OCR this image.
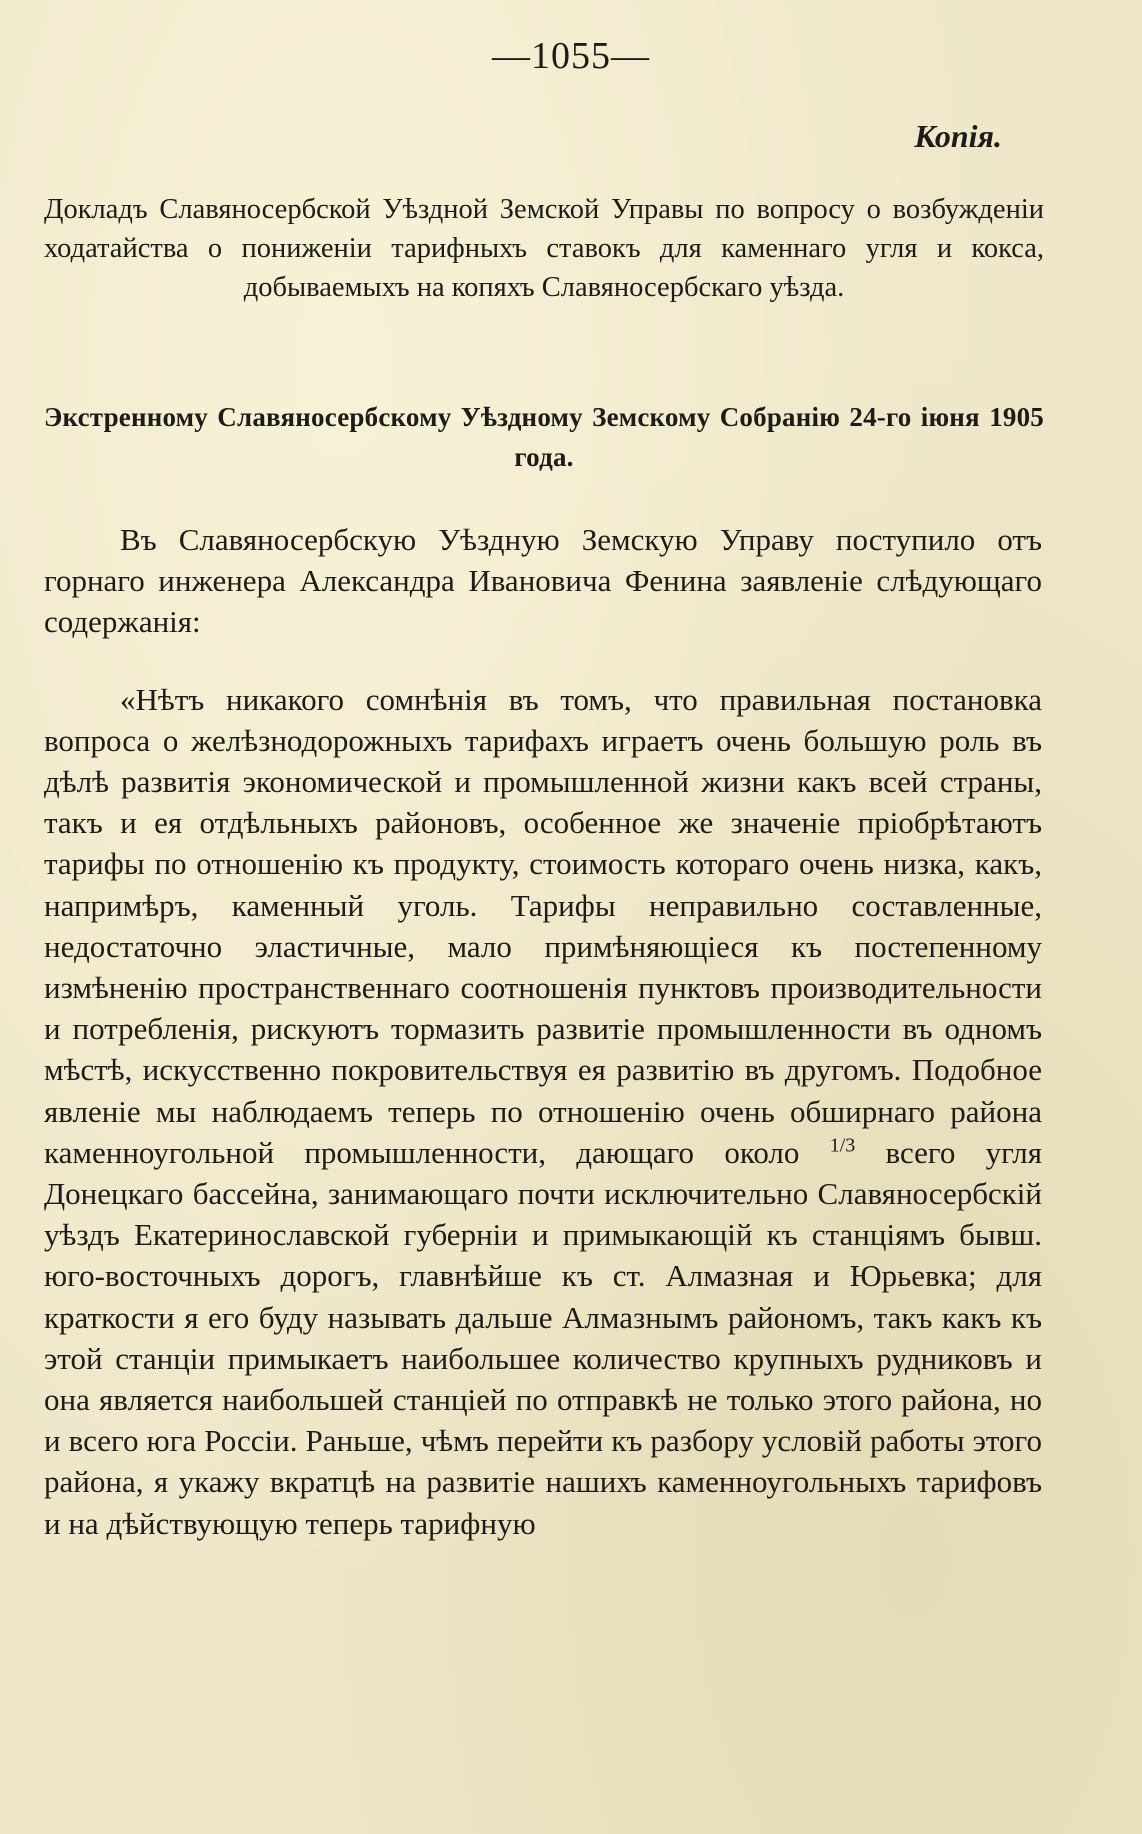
—1055—
Копія.
Докладъ Славяносербской Уѣздной Земской Управы по вопросу о возбужденіи ходатайства о пониженіи тарифныхъ ставокъ для каменнаго угля и кокса, добываемыхъ на копяхъ Славяносербскаго уѣзда.
Экстренному Славяносербскому Уѣздному Земскому Собранію 24-го іюня 1905 года.

Въ Славяносербскую Уѣздную Земскую Управу поступило отъ горнаго инженера Александра Ивановича Фенина заявленіе слѣдующаго содержанія:

«Нѣтъ никакого сомнѣнія въ томъ, что правильная постановка вопроса о желѣзнодорожныхъ тарифахъ играетъ очень большую роль въ дѣлѣ развитія экономической и промышленной жизни какъ всей страны, такъ и ея отдѣльныхъ районовъ, особенное же значеніе пріобрѣтаютъ тарифы по отношенію къ продукту, стоимость котораго очень низка, какъ, напримѣръ, каменный уголь. Тарифы неправильно составленные, недостаточно эластичные, мало примѣняющіеся къ постепенному измѣненію пространственнаго соотношенія пунктовъ производительности и потребленія, рискуютъ тормазить развитіе промышленности въ одномъ мѣстѣ, искусственно покровительствуя ея развитію въ другомъ. Подобное явленіе мы наблюдаемъ теперь по отношенію очень обширнаго района каменноугольной промышленности, дающаго около $^{1/3}$ всего угля Донецкаго бассейна, занимающаго почти исключительно Славяносербскій уѣздъ Екатеринославской губерніи и примыкающій къ станціямъ бывш. юго-восточныхъ дорогъ, главнѣйше къ ст. Алмазная и Юрьевка; для краткости я его буду называть дальше Алмазнымъ райономъ, такъ какъ къ этой станціи примыкаетъ наибольшее количество крупныхъ рудниковъ и она является наибольшей станціей по отправкѣ не только этого района, но и всего юга Россіи. Раньше, чѣмъ перейти къ разбору условій работы этого района, я укажу вкратцѣ на развитіе нашихъ каменноугольныхъ тарифовъ и на дѣйствующую теперь тарифную
